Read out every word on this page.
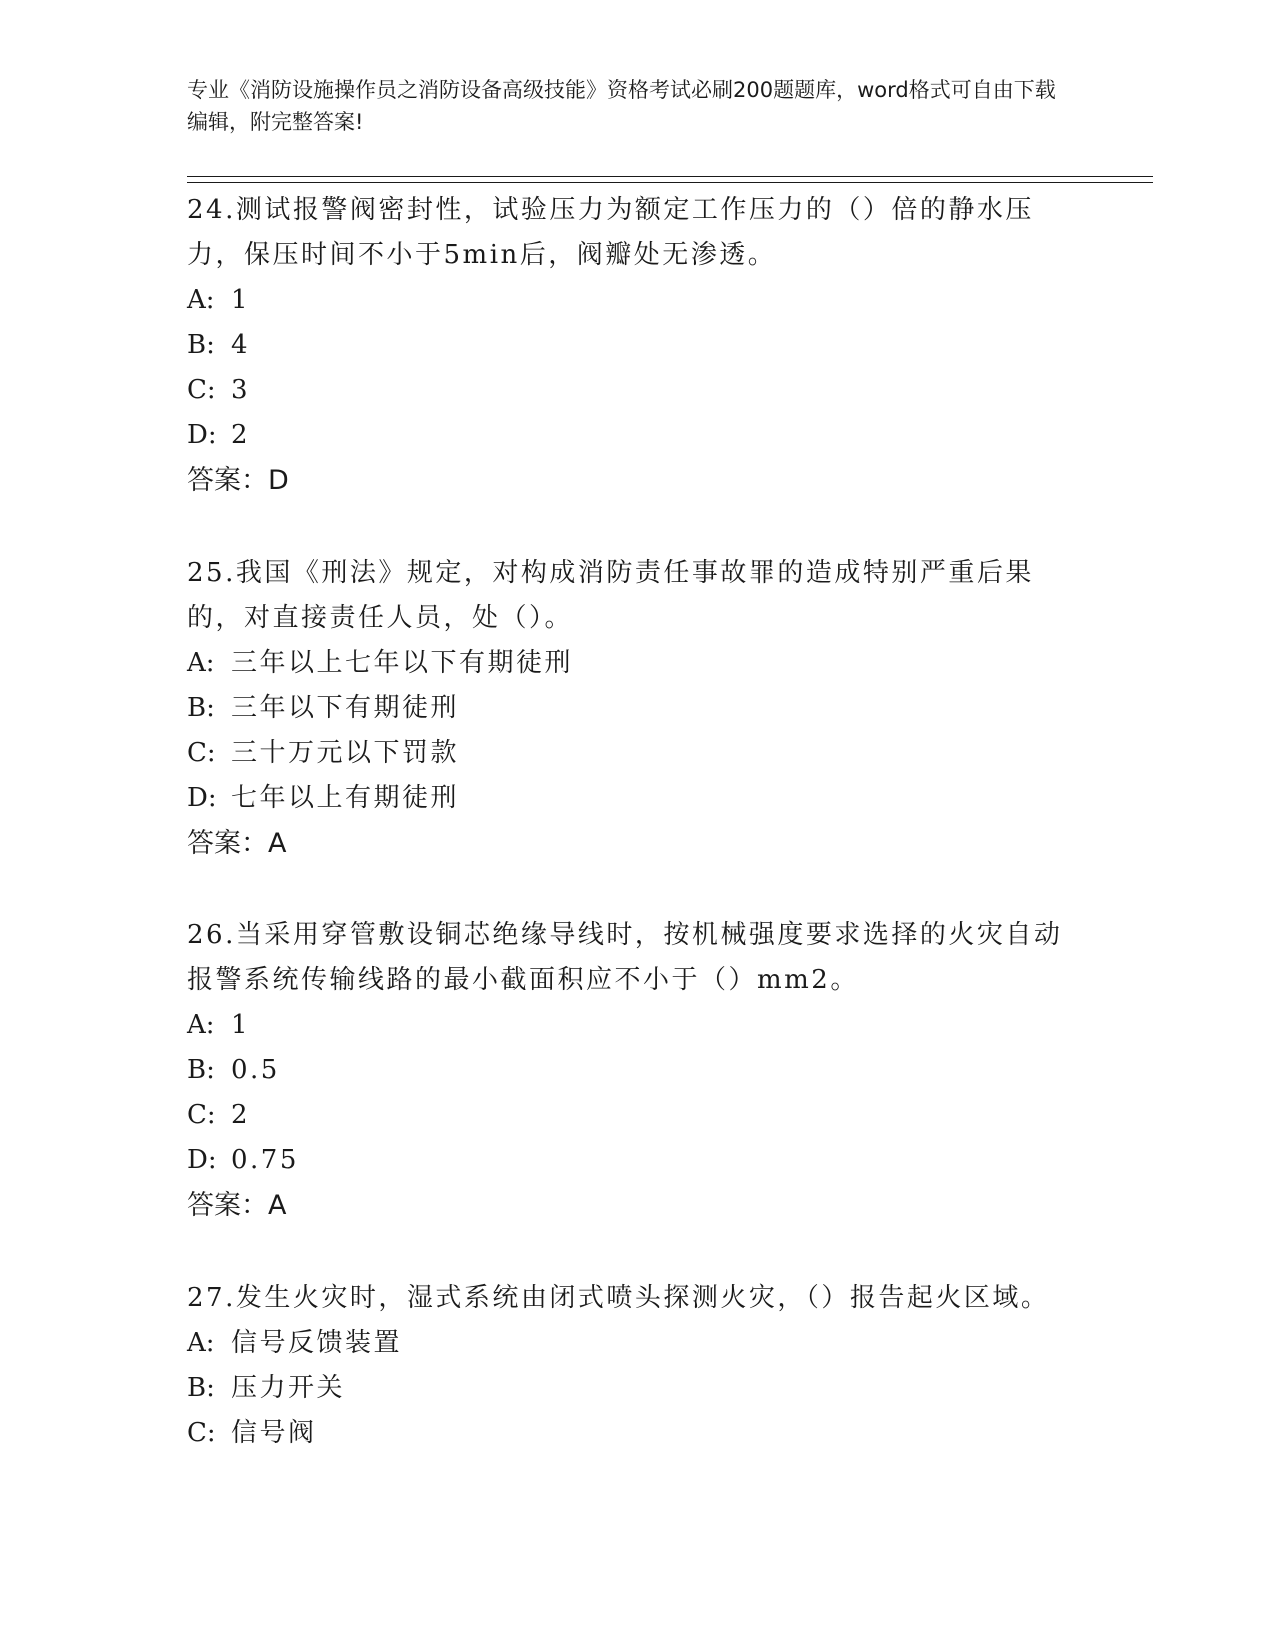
专业《消防设施操作员之消防设备高级技能》资格考试必刷200题题库，word格式可自由下载编辑，附完整答案!

24.测试报警阀密封性，试验压力为额定工作压力的（）倍的静水压力，保压时间不小于5min后，阀瓣处无渗透。

A: 1
B: 4
C: 3
D: 2
答案：D

25.我国《刑法》规定，对构成消防责任事故罪的造成特别严重后果的，对直接责任人员，处（）。

A: 三年以上七年以下有期徒刑
B: 三年以下有期徒刑
C: 三十万元以下罚款
D: 七年以上有期徒刑
答案：A

26.当采用穿管敷设铜芯绝缘导线时，按机械强度要求选择的火灾自动报警系统传输线路的最小截面积应不小于（）mm2。

A: 1
B: 0.5
C: 2
D: 0.75
答案：A

27.发生火灾时，湿式系统由闭式喷头探测火灾，（）报告起火区域。

A: 信号反馈装置
B: 压力开关
C: 信号阀
